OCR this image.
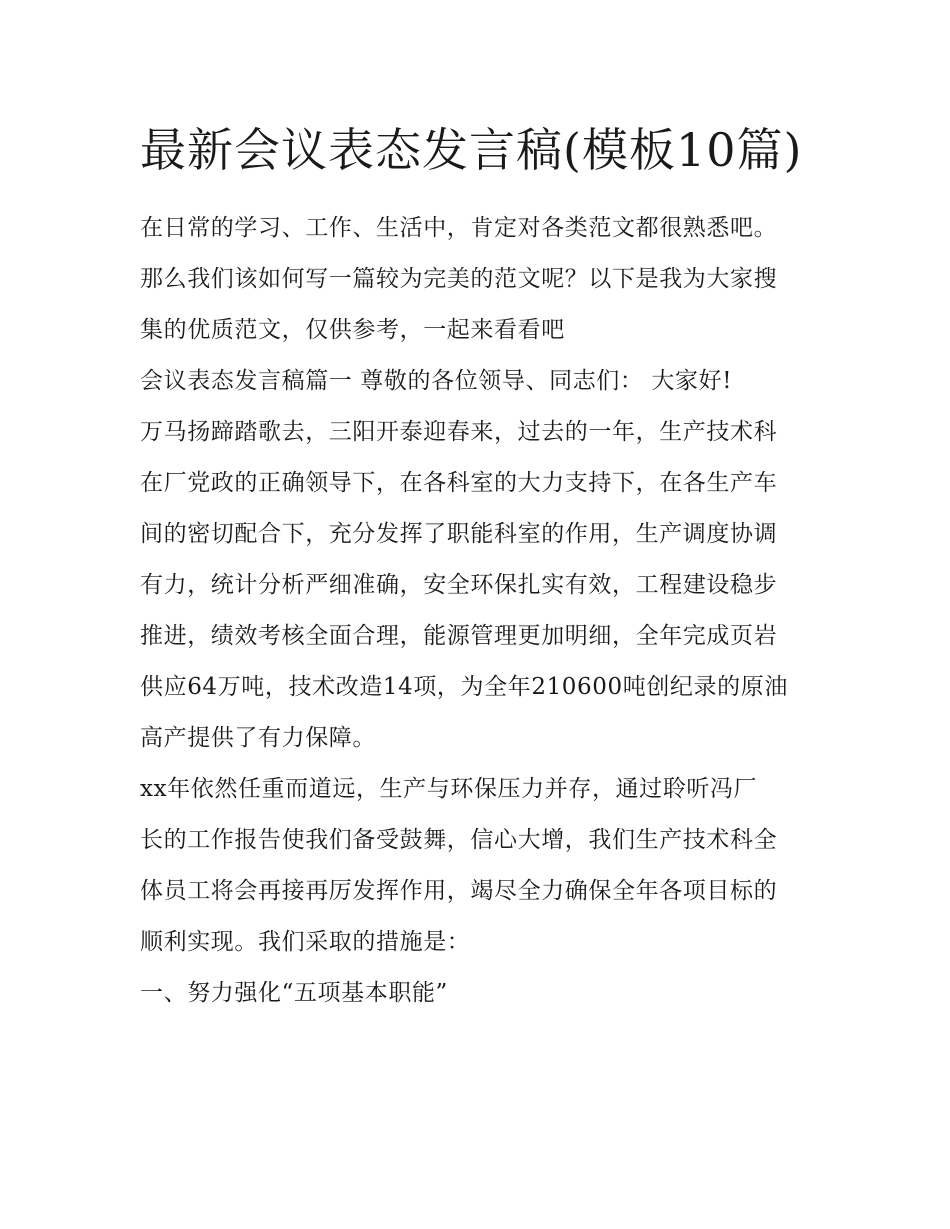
最新会议表态发言稿(模板10篇)

在日常的学习、工作、生活中，肯定对各类范文都很熟悉吧。
那么我们该如何写一篇较为完美的范文呢？以下是我为大家搜
集的优质范文，仅供参考，一起来看看吧

会议表态发言稿篇一 尊敬的各位领导、同志们： 大家好!

万马扬蹄踏歌去，三阳开泰迎春来，过去的一年，生产技术科
在厂党政的正确领导下，在各科室的大力支持下，在各生产车
间的密切配合下，充分发挥了职能科室的作用，生产调度协调
有力，统计分析严细准确，安全环保扎实有效，工程建设稳步
推进，绩效考核全面合理，能源管理更加明细，全年完成页岩
供应64万吨，技术改造14项，为全年210600吨创纪录的原油
高产提供了有力保障。

xx年依然任重而道远，生产与环保压力并存，通过聆听冯厂
长的工作报告使我们备受鼓舞，信心大增，我们生产技术科全
体员工将会再接再厉发挥作用，竭尽全力确保全年各项目标的
顺利实现。我们采取的措施是：

一、努力强化“五项基本职能”
